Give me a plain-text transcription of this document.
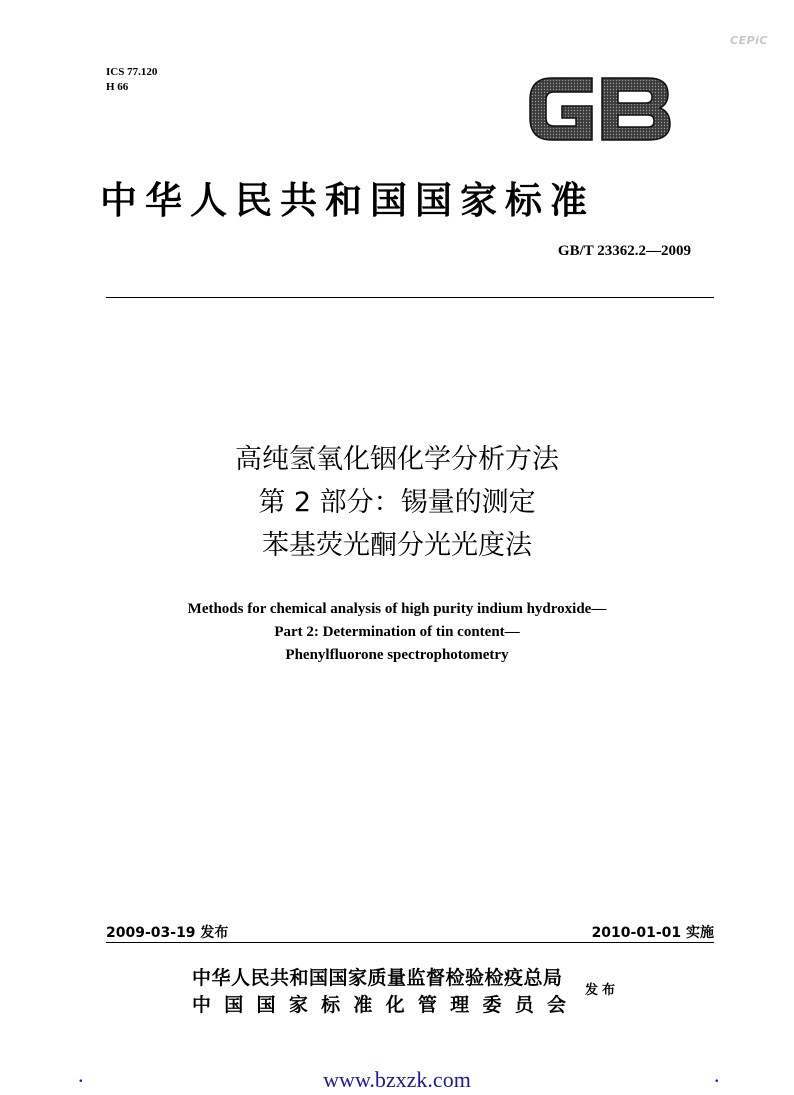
CEPiC
ICS 77.120
H 66
中华人民共和国国家标准
GB/T 23362.2—2009
高纯氢氧化铟化学分析方法
第 2 部分：锡量的测定
苯基荧光酮分光光度法
Methods for chemical analysis of high purity indium hydroxide—
Part 2: Determination of tin content—
Phenylfluorone spectrophotometry
2009-03-19 发布	2010-01-01 实施
中华人民共和国国家质量监督检验检疫总局
中国国家标准化管理委员会
发布
.	www.bzxzk.com	.
